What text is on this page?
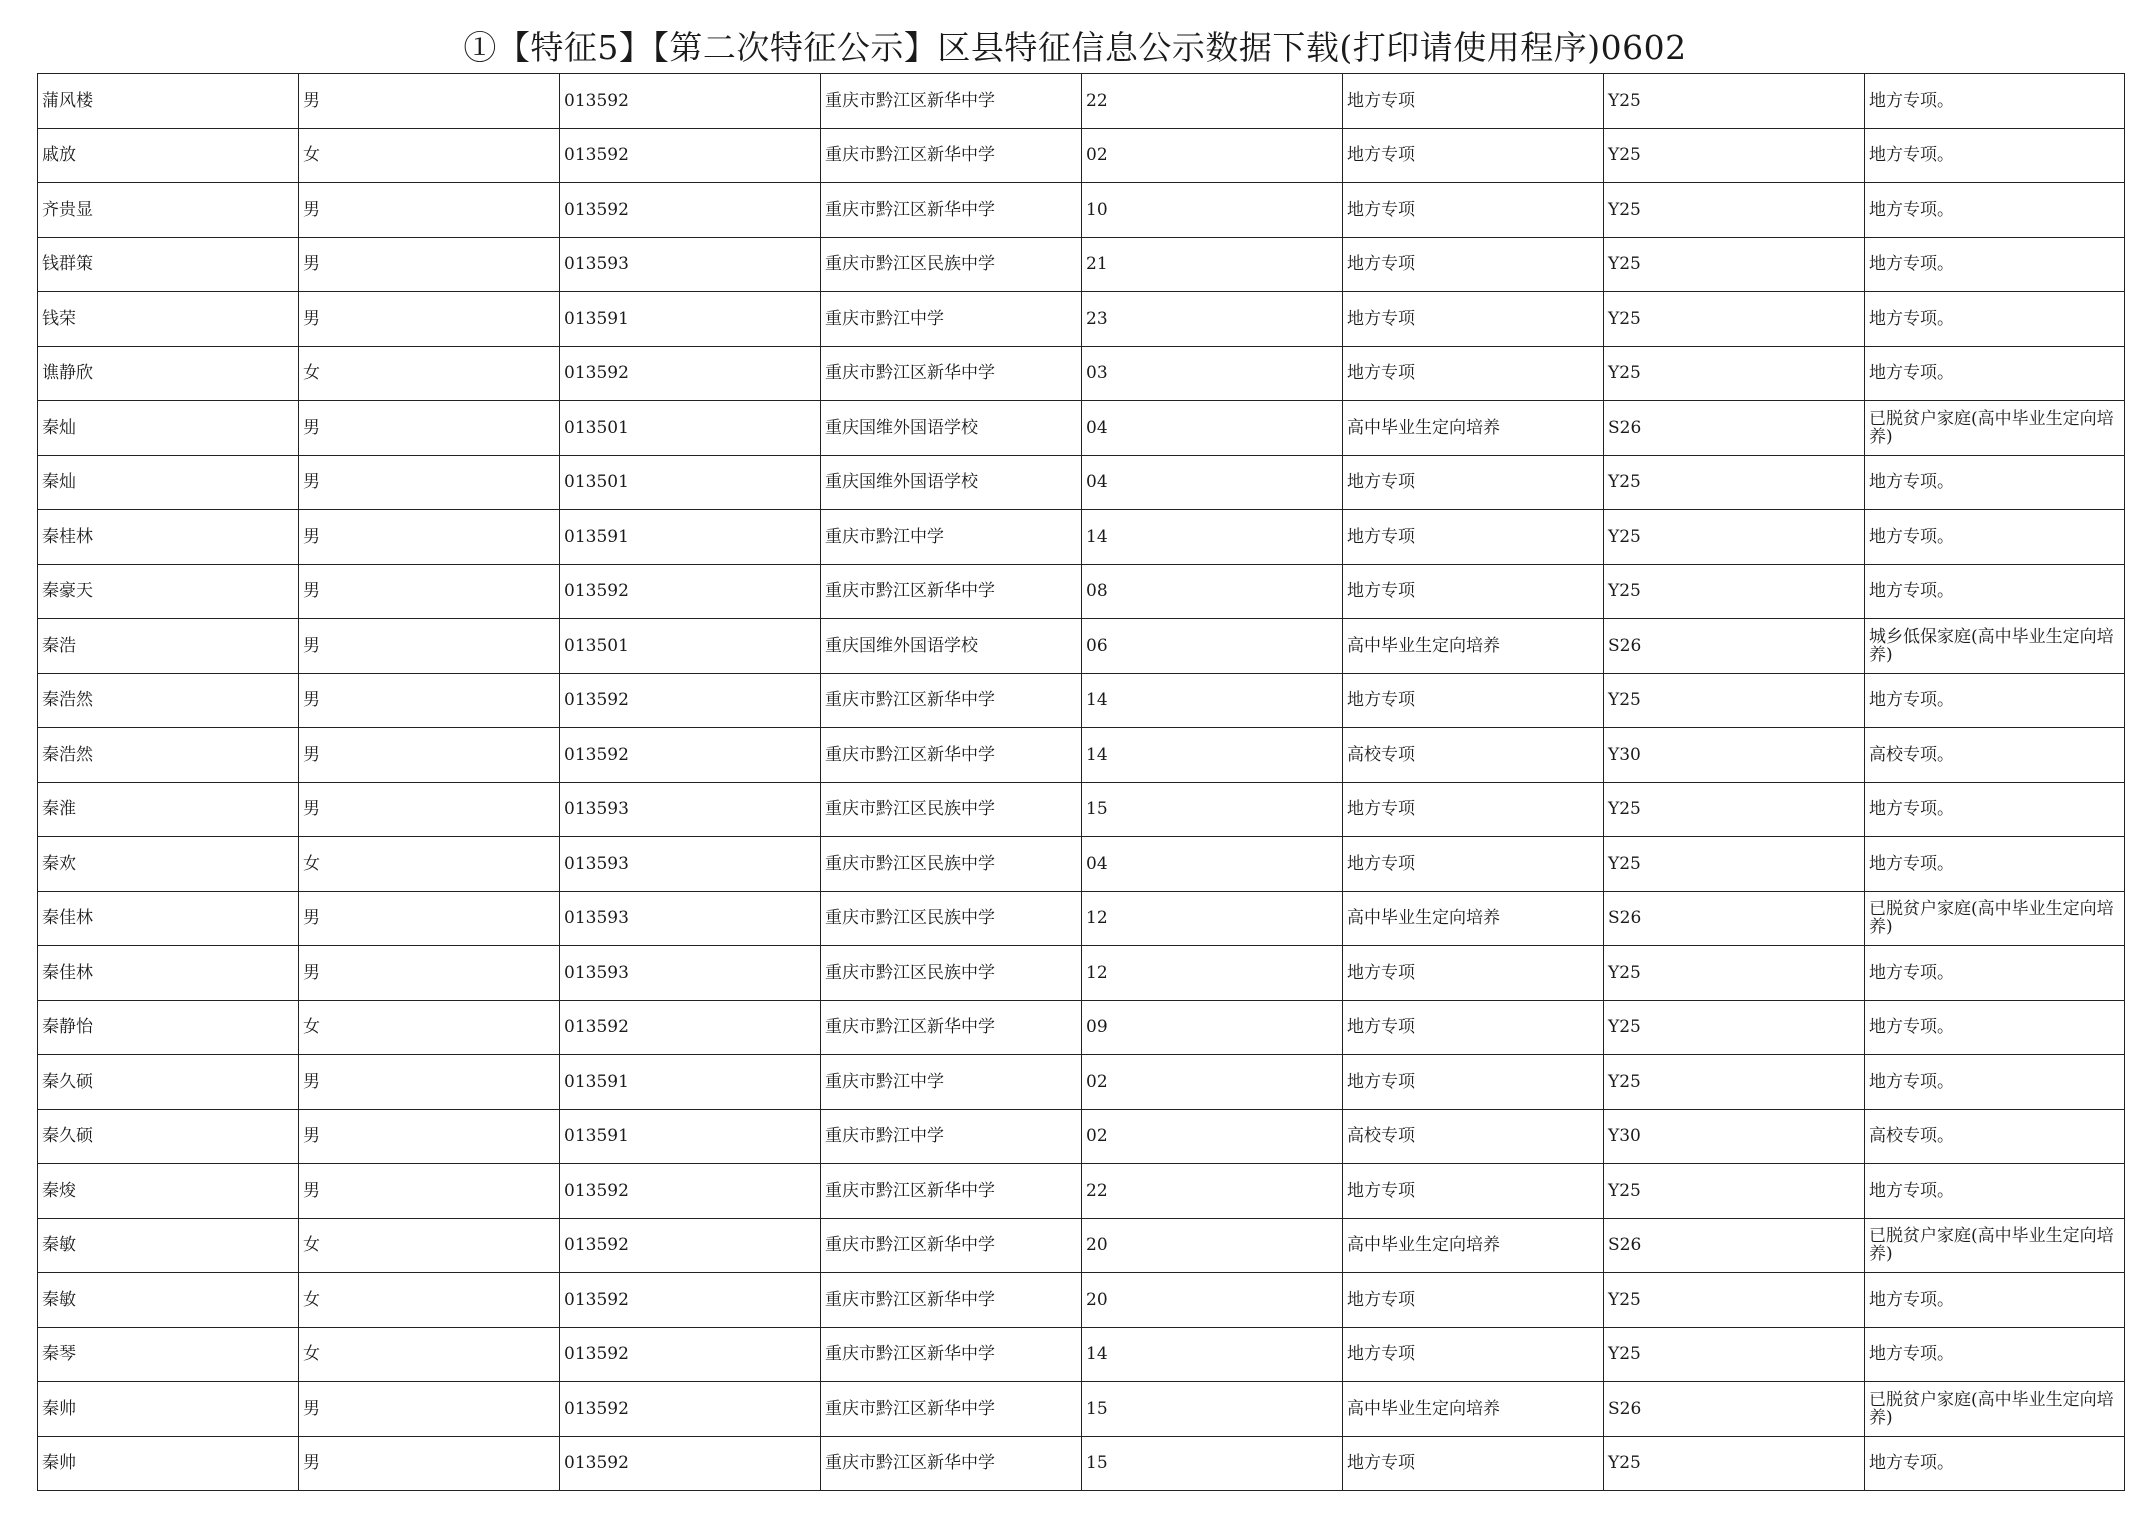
①【特征5】【第二次特征公示】区县特征信息公示数据下载(打印请使用程序)0602
蒲风楼	男	013592	重庆市黔江区新华中学	22	地方专项	Y25	地方专项。
戚放	女	013592	重庆市黔江区新华中学	02	地方专项	Y25	地方专项。
齐贵显	男	013592	重庆市黔江区新华中学	10	地方专项	Y25	地方专项。
钱群策	男	013593	重庆市黔江区民族中学	21	地方专项	Y25	地方专项。
钱荣	男	013591	重庆市黔江中学	23	地方专项	Y25	地方专项。
谯静欣	女	013592	重庆市黔江区新华中学	03	地方专项	Y25	地方专项。
秦灿	男	013501	重庆国维外国语学校	04	高中毕业生定向培养	S26	已脱贫户家庭(高中毕业生定向培养)
秦灿	男	013501	重庆国维外国语学校	04	地方专项	Y25	地方专项。
秦桂林	男	013591	重庆市黔江中学	14	地方专项	Y25	地方专项。
秦豪天	男	013592	重庆市黔江区新华中学	08	地方专项	Y25	地方专项。
秦浩	男	013501	重庆国维外国语学校	06	高中毕业生定向培养	S26	城乡低保家庭(高中毕业生定向培养)
秦浩然	男	013592	重庆市黔江区新华中学	14	地方专项	Y25	地方专项。
秦浩然	男	013592	重庆市黔江区新华中学	14	高校专项	Y30	高校专项。
秦淮	男	013593	重庆市黔江区民族中学	15	地方专项	Y25	地方专项。
秦欢	女	013593	重庆市黔江区民族中学	04	地方专项	Y25	地方专项。
秦佳林	男	013593	重庆市黔江区民族中学	12	高中毕业生定向培养	S26	已脱贫户家庭(高中毕业生定向培养)
秦佳林	男	013593	重庆市黔江区民族中学	12	地方专项	Y25	地方专项。
秦静怡	女	013592	重庆市黔江区新华中学	09	地方专项	Y25	地方专项。
秦久硕	男	013591	重庆市黔江中学	02	地方专项	Y25	地方专项。
秦久硕	男	013591	重庆市黔江中学	02	高校专项	Y30	高校专项。
秦焌	男	013592	重庆市黔江区新华中学	22	地方专项	Y25	地方专项。
秦敏	女	013592	重庆市黔江区新华中学	20	高中毕业生定向培养	S26	已脱贫户家庭(高中毕业生定向培养)
秦敏	女	013592	重庆市黔江区新华中学	20	地方专项	Y25	地方专项。
秦琴	女	013592	重庆市黔江区新华中学	14	地方专项	Y25	地方专项。
秦帅	男	013592	重庆市黔江区新华中学	15	高中毕业生定向培养	S26	已脱贫户家庭(高中毕业生定向培养)
秦帅	男	013592	重庆市黔江区新华中学	15	地方专项	Y25	地方专项。
